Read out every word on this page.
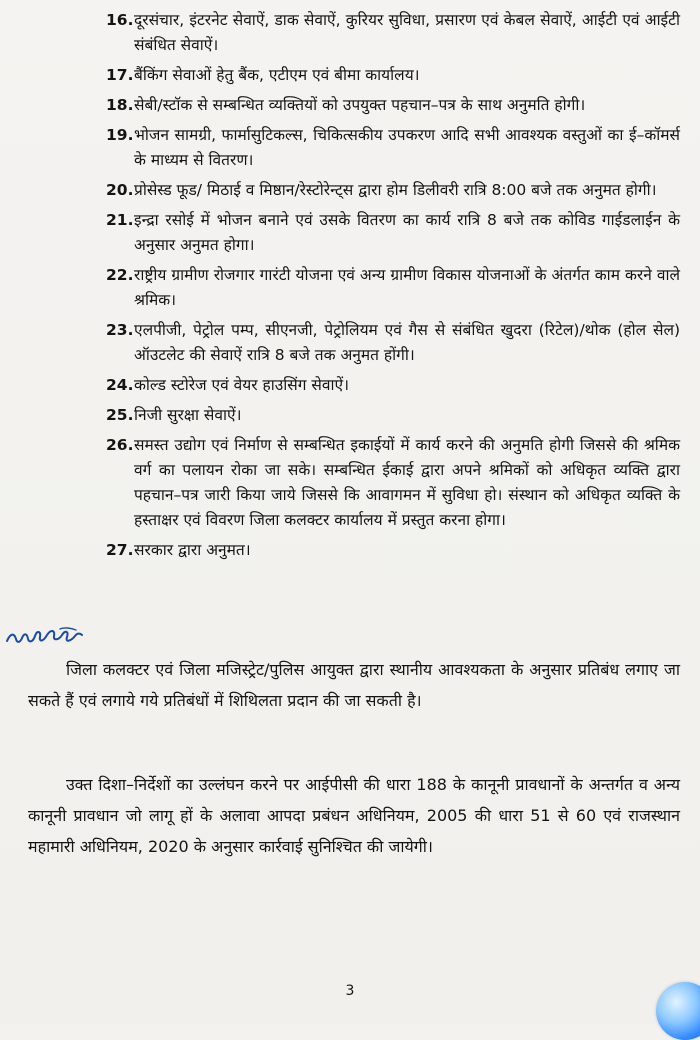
16. दूरसंचार, इंटरनेट सेवाऐं, डाक सेवाऐं, कुरियर सुविधा, प्रसारण एवं केबल सेवाऐं, आईटी एवं आईटी संबंधित सेवाऐं।
17. बैंकिंग सेवाओं हेतु बैंक, एटीएम एवं बीमा कार्यालय।
18. सेबी/स्टॉक से सम्बन्धित व्यक्तियों को उपयुक्त पहचान–पत्र के साथ अनुमति होगी।
19. भोजन सामग्री, फार्मासुटिकल्स, चिकित्सकीय उपकरण आदि सभी आवश्यक वस्तुओं का ई–कॉमर्स के माध्यम से वितरण।
20. प्रोसेस्ड फूड/ मिठाई व मिष्ठान/रेस्टोरेन्ट्स द्वारा होम डिलीवरी रात्रि 8:00 बजे तक अनुमत होगी।
21. इन्द्रा रसोई में भोजन बनाने एवं उसके वितरण का कार्य रात्रि 8 बजे तक कोविड गाईडलाईन के अनुसार अनुमत होगा।
22. राष्ट्रीय ग्रामीण रोजगार गारंटी योजना एवं अन्य ग्रामीण विकास योजनाओं के अंतर्गत काम करने वाले श्रमिक।
23. एलपीजी, पेट्रोल पम्प, सीएनजी, पेट्रोलियम एवं गैस से संबंधित खुदरा (रिटेल)/थोक (होल सेल) ऑउटलेट की सेवाऐं रात्रि 8 बजे तक अनुमत होंगी।
24. कोल्ड स्टोरेज एवं वेयर हाउसिंग सेवाऐं।
25. निजी सुरक्षा सेवाऐं।
26. समस्त उद्योग एवं निर्माण से सम्बन्धित इकाईयों में कार्य करने की अनुमति होगी जिससे की श्रमिक वर्ग का पलायन रोका जा सके। सम्बन्धित ईकाई द्वारा अपने श्रमिकों को अधिकृत व्यक्ति द्वारा पहचान–पत्र जारी किया जाये जिससे कि आवागमन में सुविधा हो। संस्थान को अधिकृत व्यक्ति के हस्ताक्षर एवं विवरण जिला कलक्टर कार्यालय में प्रस्तुत करना होगा।
27. सरकार द्वारा अनुमत।

जिला कलक्टर एवं जिला मजिस्ट्रेट/पुलिस आयुक्त द्वारा स्थानीय आवश्यकता के अनुसार प्रतिबंध लगाए जा सकते हैं एवं लगाये गये प्रतिबंधों में शिथिलता प्रदान की जा सकती है।

उक्त दिशा–निर्देशों का उल्लंघन करने पर आईपीसी की धारा 188 के कानूनी प्रावधानों के अन्तर्गत व अन्य कानूनी प्रावधान जो लागू हों के अलावा आपदा प्रबंधन अधिनियम, 2005 की धारा 51 से 60 एवं राजस्थान महामारी अधिनियम, 2020 के अनुसार कार्रवाई सुनिश्चित की जायेगी।

3
